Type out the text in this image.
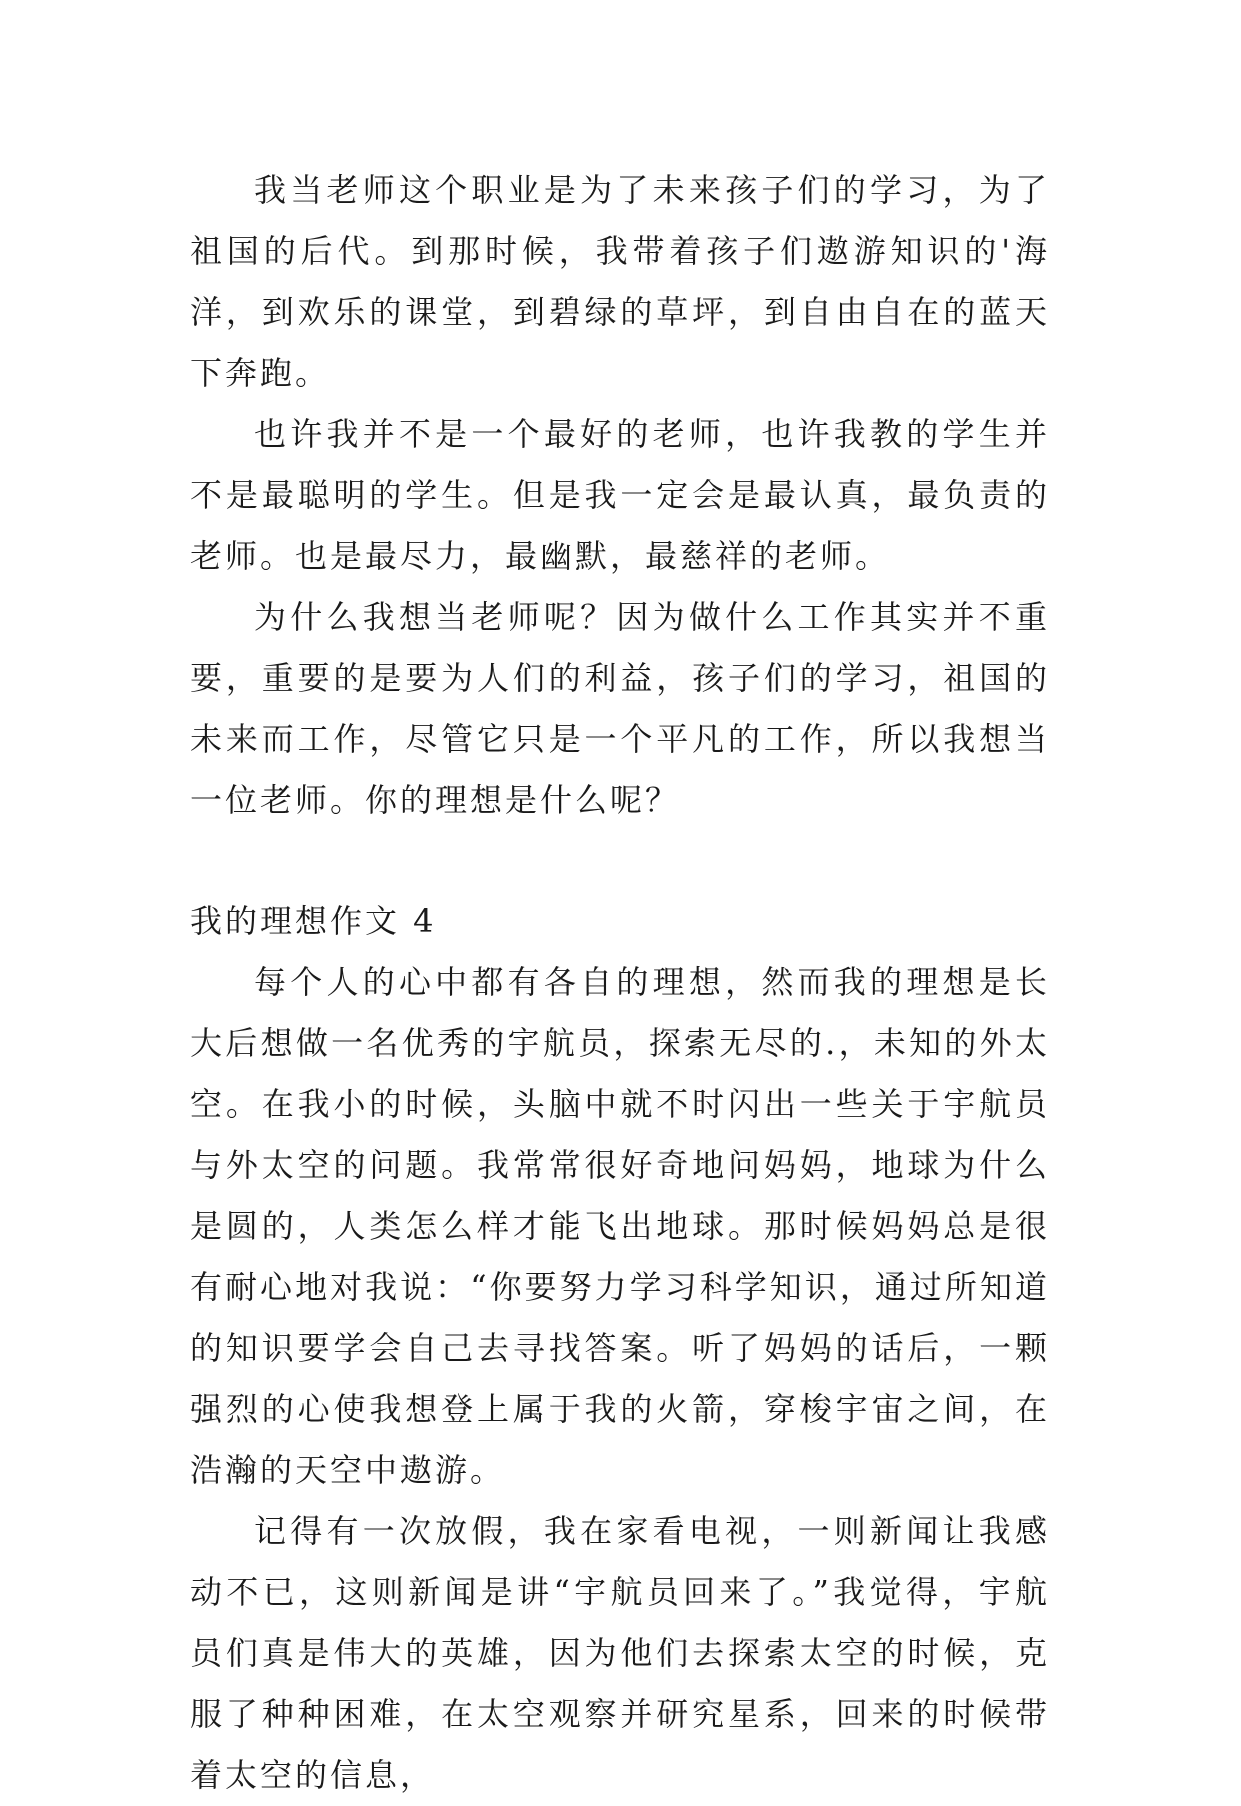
我当老师这个职业是为了未来孩子们的学习，为了祖国的后代。到那时候，我带着孩子们遨游知识的'海洋，到欢乐的课堂，到碧绿的草坪，到自由自在的蓝天下奔跑。

也许我并不是一个最好的老师，也许我教的学生并不是最聪明的学生。但是我一定会是最认真，最负责的老师。也是最尽力，最幽默，最慈祥的老师。

为什么我想当老师呢？因为做什么工作其实并不重要，重要的是要为人们的利益，孩子们的学习，祖国的未来而工作，尽管它只是一个平凡的工作，所以我想当一位老师。你的理想是什么呢？

我的理想作文 4

每个人的心中都有各自的理想，然而我的理想是长大后想做一名优秀的宇航员，探索无尽的.，未知的外太空。在我小的时候，头脑中就不时闪出一些关于宇航员与外太空的问题。我常常很好奇地问妈妈，地球为什么是圆的，人类怎么样才能飞出地球。那时候妈妈总是很有耐心地对我说：“你要努力学习科学知识，通过所知道的知识要学会自己去寻找答案。听了妈妈的话后，一颗强烈的心使我想登上属于我的火箭，穿梭宇宙之间，在浩瀚的天空中遨游。

记得有一次放假，我在家看电视，一则新闻让我感动不已，这则新闻是讲“宇航员回来了。”我觉得，宇航员们真是伟大的英雄，因为他们去探索太空的时候，克服了种种困难，在太空观察并研究星系，回来的时候带着太空的信息，
